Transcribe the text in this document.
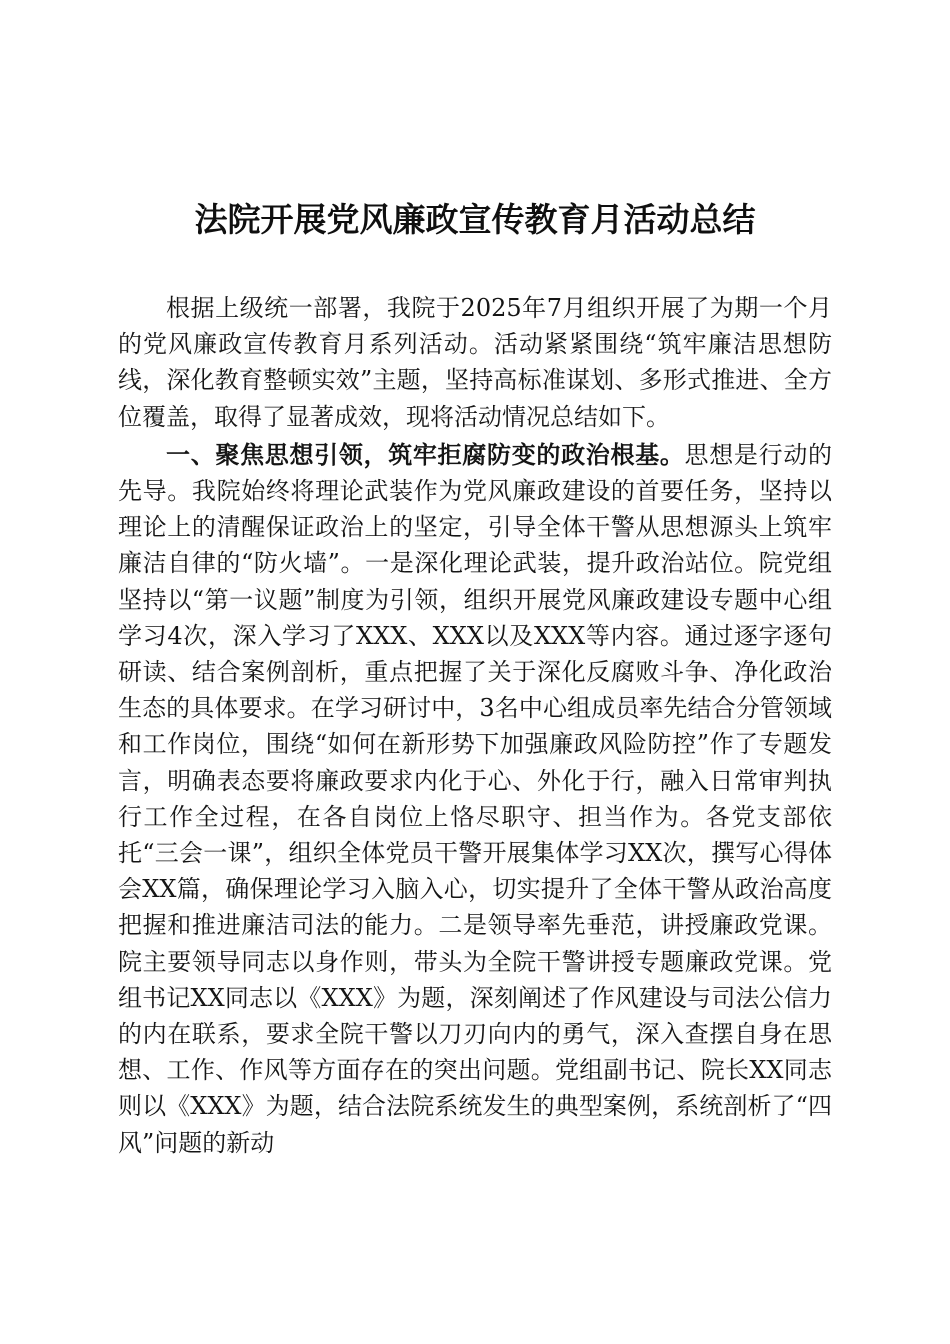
法院开展党风廉政宣传教育月活动总结

根据上级统一部署，我院于2025年7月组织开展了为期一个月的党风廉政宣传教育月系列活动。活动紧紧围绕“筑牢廉洁思想防线，深化教育整顿实效”主题，坚持高标准谋划、多形式推进、全方位覆盖，取得了显著成效，现将活动情况总结如下。

一、聚焦思想引领，筑牢拒腐防变的政治根基。思想是行动的先导。我院始终将理论武装作为党风廉政建设的首要任务，坚持以理论上的清醒保证政治上的坚定，引导全体干警从思想源头上筑牢廉洁自律的“防火墙”。一是深化理论武装，提升政治站位。院党组坚持以“第一议题”制度为引领，组织开展党风廉政建设专题中心组学习4次，深入学习了XXX、XXX以及XXX等内容。通过逐字逐句研读、结合案例剖析，重点把握了关于深化反腐败斗争、净化政治生态的具体要求。在学习研讨中，3名中心组成员率先结合分管领域和工作岗位，围绕“如何在新形势下加强廉政风险防控”作了专题发言，明确表态要将廉政要求内化于心、外化于行，融入日常审判执行工作全过程，在各自岗位上恪尽职守、担当作为。各党支部依托“三会一课”，组织全体党员干警开展集体学习XX次，撰写心得体会XX篇，确保理论学习入脑入心，切实提升了全体干警从政治高度把握和推进廉洁司法的能力。二是领导率先垂范，讲授廉政党课。院主要领导同志以身作则，带头为全院干警讲授专题廉政党课。党组书记XX同志以《XXX》为题，深刻阐述了作风建设与司法公信力的内在联系，要求全院干警以刀刃向内的勇气，深入查摆自身在思想、工作、作风等方面存在的突出问题。党组副书记、院长XX同志则以《XXX》为题，结合法院系统发生的典型案例，系统剖析了“四风”问题的新动
